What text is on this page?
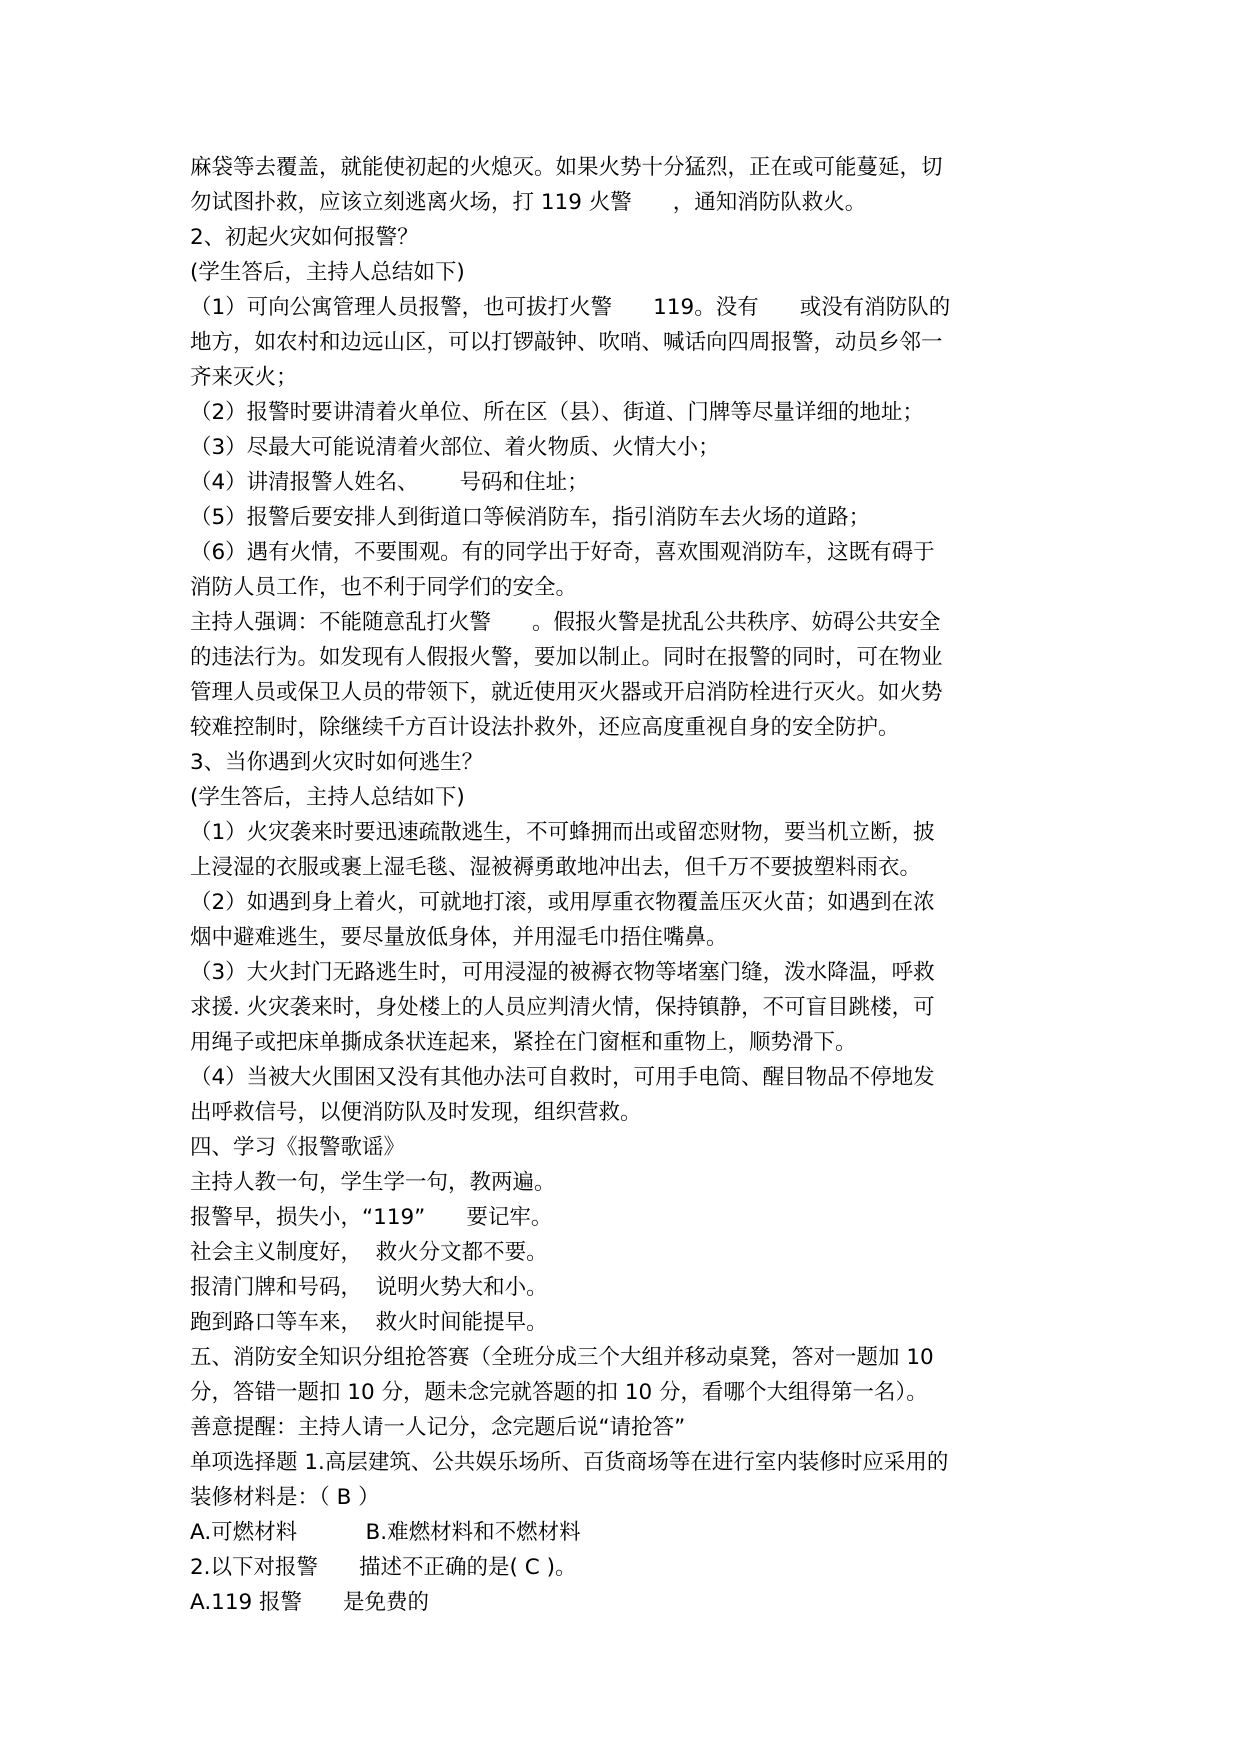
麻袋等去覆盖，就能使初起的火熄灭。如果火势十分猛烈，正在或可能蔓延，切
勿试图扑救，应该立刻逃离火场，打 119 火警      ，通知消防队救火。
2、初起火灾如何报警？
(学生答后，主持人总结如下)
（1）可向公寓管理人员报警，也可拔打火警      119。没有      或没有消防队的
地方，如农村和边远山区，可以打锣敲钟、吹哨、喊话向四周报警，动员乡邻一
齐来灭火；
（2）报警时要讲清着火单位、所在区（县）、街道、门牌等尽量详细的地址；
（3）尽最大可能说清着火部位、着火物质、火情大小；
（4）讲清报警人姓名、      号码和住址；
（5）报警后要安排人到街道口等候消防车，指引消防车去火场的道路；
（6）遇有火情，不要围观。有的同学出于好奇，喜欢围观消防车，这既有碍于
消防人员工作，也不利于同学们的安全。
主持人强调：不能随意乱打火警      。假报火警是扰乱公共秩序、妨碍公共安全
的违法行为。如发现有人假报火警，要加以制止。同时在报警的同时，可在物业
管理人员或保卫人员的带领下，就近使用灭火器或开启消防栓进行灭火。如火势
较难控制时，除继续千方百计设法扑救外，还应高度重视自身的安全防护。
3、当你遇到火灾时如何逃生？
(学生答后，主持人总结如下)
（1）火灾袭来时要迅速疏散逃生，不可蜂拥而出或留恋财物，要当机立断，披
上浸湿的衣服或裹上湿毛毯、湿被褥勇敢地冲出去，但千万不要披塑料雨衣。
（2）如遇到身上着火，可就地打滚，或用厚重衣物覆盖压灭火苗；如遇到在浓
烟中避难逃生，要尽量放低身体，并用湿毛巾捂住嘴鼻。
（3）大火封门无路逃生时，可用浸湿的被褥衣物等堵塞门缝，泼水降温，呼救
求援. 火灾袭来时，身处楼上的人员应判清火情，保持镇静，不可盲目跳楼，可
用绳子或把床单撕成条状连起来，紧拴在门窗框和重物上，顺势滑下。
（4）当被大火围困又没有其他办法可自救时，可用手电筒、醒目物品不停地发
出呼救信号，以便消防队及时发现，组织营救。
四、学习《报警歌谣》
主持人教一句，学生学一句，教两遍。
报警早，损失小，“119”      要记牢。
社会主义制度好，  救火分文都不要。
报清门牌和号码，  说明火势大和小。
跑到路口等车来，  救火时间能提早。
五、消防安全知识分组抢答赛（全班分成三个大组并移动桌凳，答对一题加 10
分，答错一题扣 10 分，题未念完就答题的扣 10 分，看哪个大组得第一名）。
善意提醒：主持人请一人记分，念完题后说“请抢答”
单项选择题 1.高层建筑、公共娱乐场所、百货商场等在进行室内装修时应采用的
装修材料是：（ B ）
A.可燃材料          B.难燃材料和不燃材料
2.以下对报警      描述不正确的是( C )。
A.119 报警      是免费的
